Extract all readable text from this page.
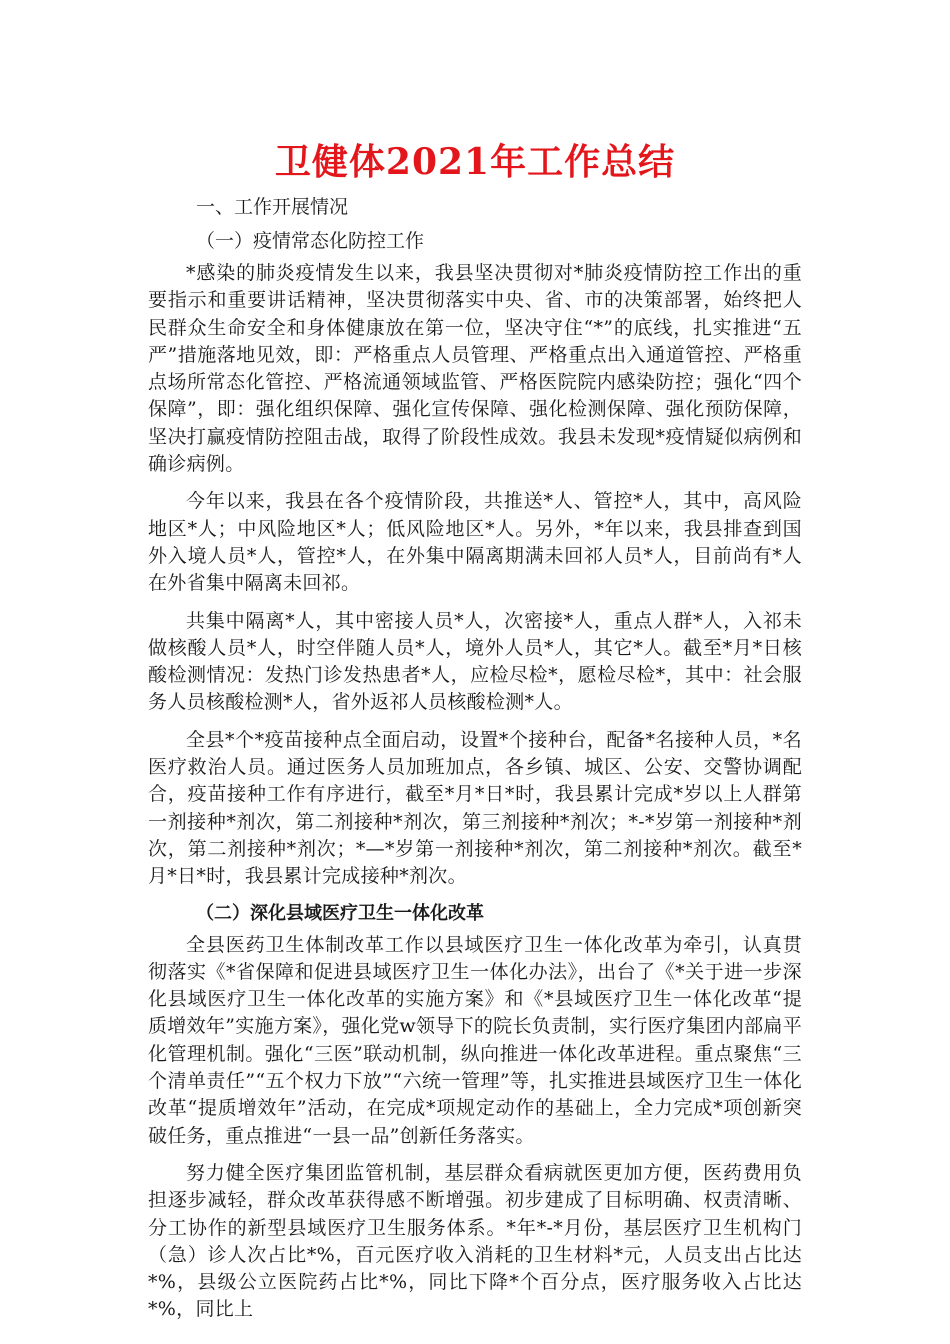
卫健体2021年工作总结
一、工作开展情况
（一）疫情常态化防控工作

*感染的肺炎疫情发生以来，我县坚决贯彻对*肺炎疫情防控工作出的重要指示和重要讲话精神，坚决贯彻落实中央、省、市的决策部署，始终把人民群众生命安全和身体健康放在第一位，坚决守住“*”的底线，扎实推进“五严”措施落地见效，即：严格重点人员管理、严格重点出入通道管控、严格重点场所常态化管控、严格流通领域监管、严格医院院内感染防控；强化“四个保障”，即：强化组织保障、强化宣传保障、强化检测保障、强化预防保障，坚决打赢疫情防控阻击战，取得了阶段性成效。我县未发现*疫情疑似病例和确诊病例。

今年以来，我县在各个疫情阶段，共推送*人、管控*人，其中，高风险地区*人；中风险地区*人；低风险地区*人。另外，*年以来，我县排查到国外入境人员*人，管控*人，在外集中隔离期满未回祁人员*人，目前尚有*人在外省集中隔离未回祁。

共集中隔离*人，其中密接人员*人，次密接*人，重点人群*人，入祁未做核酸人员*人，时空伴随人员*人，境外人员*人，其它*人。截至*月*日核酸检测情况：发热门诊发热患者*人，应检尽检*，愿检尽检*，其中：社会服务人员核酸检测*人，省外返祁人员核酸检测*人。

全县*个*疫苗接种点全面启动，设置*个接种台，配备*名接种人员，*名医疗救治人员。通过医务人员加班加点，各乡镇、城区、公安、交警协调配合，疫苗接种工作有序进行，截至*月*日*时，我县累计完成*岁以上人群第一剂接种*剂次，第二剂接种*剂次，第三剂接种*剂次；*-*岁第一剂接种*剂次，第二剂接种*剂次；*—*岁第一剂接种*剂次，第二剂接种*剂次。截至*月*日*时，我县累计完成接种*剂次。

（二）深化县域医疗卫生一体化改革

全县医药卫生体制改革工作以县域医疗卫生一体化改革为牵引，认真贯彻落实《*省保障和促进县域医疗卫生一体化办法》，出台了《*关于进一步深化县域医疗卫生一体化改革的实施方案》和《*县域医疗卫生一体化改革“提质增效年”实施方案》，强化党w领导下的院长负责制，实行医疗集团内部扁平化管理机制。强化“三医”联动机制，纵向推进一体化改革进程。重点聚焦“三个清单责任”“五个权力下放”“六统一管理”等，扎实推进县域医疗卫生一体化改革“提质增效年”活动，在完成*项规定动作的基础上，全力完成*项创新突破任务，重点推进“一县一品”创新任务落实。

努力健全医疗集团监管机制，基层群众看病就医更加方便，医药费用负担逐步减轻，群众改革获得感不断增强。初步建成了目标明确、权责清晰、分工协作的新型县域医疗卫生服务体系。*年*-*月份，基层医疗卫生机构门（急）诊人次占比*%，百元医疗收入消耗的卫生材料*元，人员支出占比达*%，县级公立医院药占比*%，同比下降*个百分点，医疗服务收入占比达*%，同比上
